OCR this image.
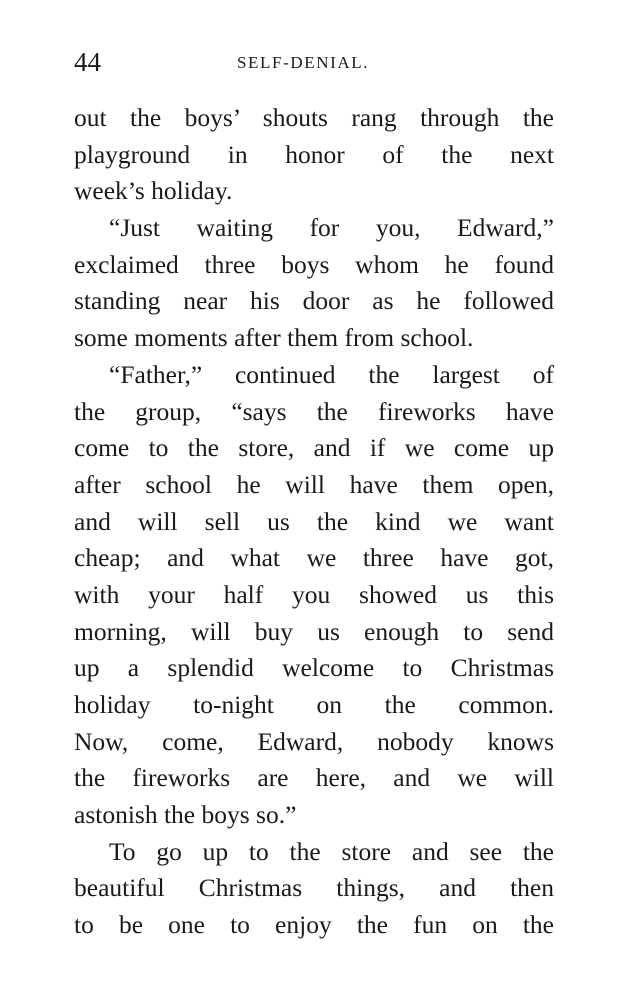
44	SELF-DENIAL.
out the boys’ shouts rang through the
playground in honor of the next
week’s holiday.
“Just waiting for you, Edward,”
exclaimed three boys whom he found
standing near his door as he followed
some moments after them from school.
“Father,” continued the largest of
the group, “says the fireworks have
come to the store, and if we come up
after school he will have them open,
and will sell us the kind we want
cheap; and what we three have got,
with your half you showed us this
morning, will buy us enough to send
up a splendid welcome to Christmas
holiday to-night on the common.
Now, come, Edward, nobody knows
the fireworks are here, and we will
astonish the boys so.”
To go up to the store and see the
beautiful Christmas things, and then
to be one to enjoy the fun on the
